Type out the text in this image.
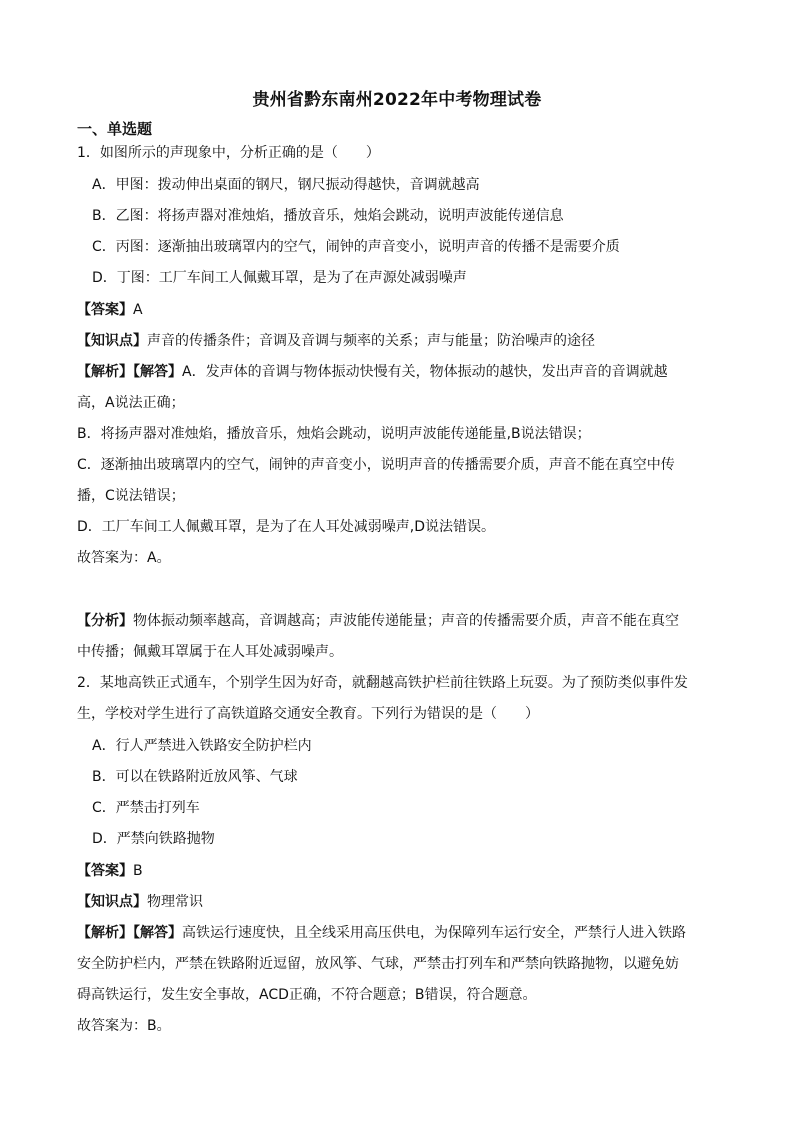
贵州省黔东南州2022年中考物理试卷
一、单选题
1．如图所示的声现象中，分析正确的是（　　）
A．甲图：拨动伸出桌面的钢尺，钢尺振动得越快，音调就越高
B．乙图：将扬声器对准烛焰，播放音乐，烛焰会跳动，说明声波能传递信息
C．丙图：逐渐抽出玻璃罩内的空气，闹钟的声音变小，说明声音的传播不是需要介质
D．丁图：工厂车间工人佩戴耳罩，是为了在声源处减弱噪声
【答案】A
【知识点】声音的传播条件；音调及音调与频率的关系；声与能量；防治噪声的途径
【解析】【解答】A．发声体的音调与物体振动快慢有关，物体振动的越快，发出声音的音调就越
高，A说法正确；
B．将扬声器对准烛焰，播放音乐，烛焰会跳动，说明声波能传递能量,B说法错误；
C．逐渐抽出玻璃罩内的空气，闹钟的声音变小，说明声音的传播需要介质，声音不能在真空中传
播，C说法错误；
D．工厂车间工人佩戴耳罩，是为了在人耳处减弱噪声,D说法错误。
故答案为：A。
【分析】物体振动频率越高，音调越高；声波能传递能量；声音的传播需要介质，声音不能在真空
中传播；佩戴耳罩属于在人耳处减弱噪声。
2．某地高铁正式通车，个别学生因为好奇，就翻越高铁护栏前往铁路上玩耍。为了预防类似事件发
生，学校对学生进行了高铁道路交通安全教育。下列行为错误的是（　　）
A．行人严禁进入铁路安全防护栏内
B．可以在铁路附近放风筝、气球
C．严禁击打列车
D．严禁向铁路抛物
【答案】B
【知识点】物理常识
【解析】【解答】高铁运行速度快，且全线采用高压供电，为保障列车运行安全，严禁行人进入铁路
安全防护栏内，严禁在铁路附近逗留，放风筝、气球，严禁击打列车和严禁向铁路抛物，以避免妨
碍高铁运行，发生安全事故，ACD正确，不符合题意；B错误，符合题意。
故答案为：B。
